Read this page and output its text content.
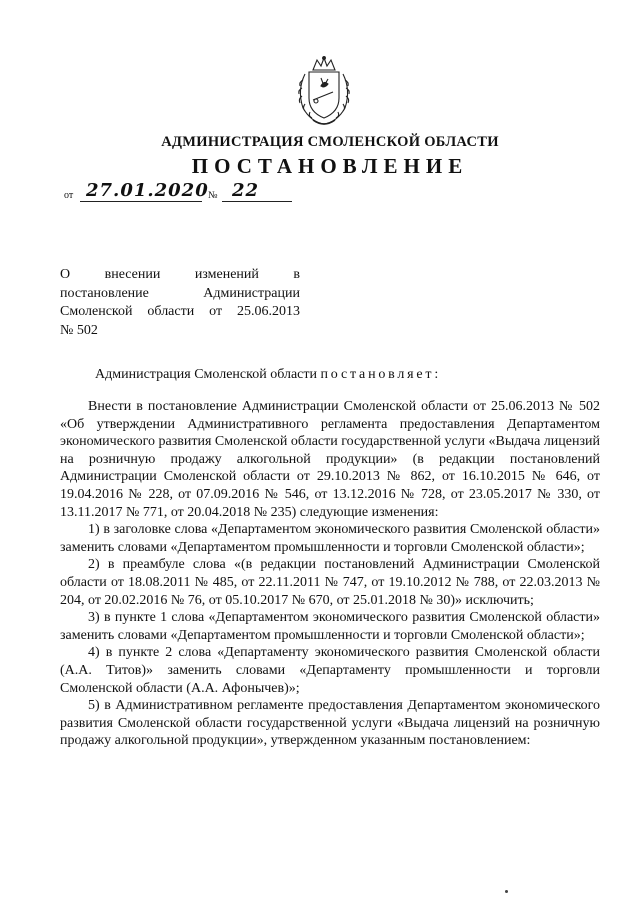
АДМИНИСТРАЦИЯ СМОЛЕНСКОЙ ОБЛАСТИ
ПОСТАНОВЛЕНИЕ
от 27.01.2020 № 22
О внесении изменений в
постановление Администрации
Смоленской области от 25.06.2013
№ 502
Администрация Смоленской области постановляет:

Внести в постановление Администрации Смоленской области от 25.06.2013 № 502 «Об утверждении Административного регламента предоставления Департаментом экономического развития Смоленской области государственной услуги «Выдача лицензий на розничную продажу алкогольной продукции» (в редакции постановлений Администрации Смоленской области от 29.10.2013 № 862, от 16.10.2015 № 646, от 19.04.2016 № 228, от 07.09.2016 № 546, от 13.12.2016 № 728, от 23.05.2017 № 330, от 13.11.2017 № 771, от 20.04.2018 № 235) следующие изменения:

1) в заголовке слова «Департаментом экономического развития Смоленской области» заменить словами «Департаментом промышленности и торговли Смоленской области»;

2) в преамбуле слова «(в редакции постановлений Администрации Смоленской области от 18.08.2011 № 485, от 22.11.2011 № 747, от 19.10.2012 № 788, от 22.03.2013 № 204, от 20.02.2016 № 76, от 05.10.2017 № 670, от 25.01.2018 № 30)» исключить;

3) в пункте 1 слова «Департаментом экономического развития Смоленской области» заменить словами «Департаментом промышленности и торговли Смоленской области»;

4) в пункте 2 слова «Департаменту экономического развития Смоленской области (А.А. Титов)» заменить словами «Департаменту промышленности и торговли Смоленской области (А.А. Афонычев)»;

5) в Административном регламенте предоставления Департаментом экономического развития Смоленской области государственной услуги «Выдача лицензий на розничную продажу алкогольной продукции», утвержденном указанным постановлением:
